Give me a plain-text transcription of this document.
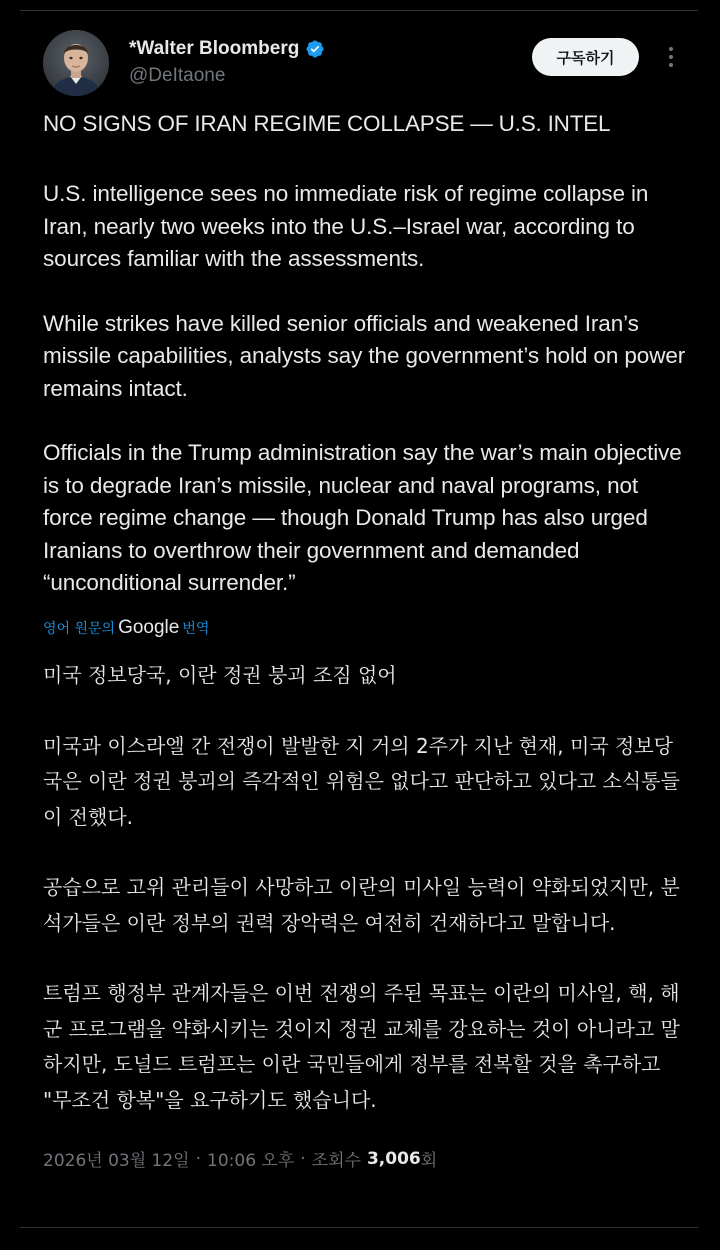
*Walter Bloomberg
@DeItaone
구독하기

NO SIGNS OF IRAN REGIME COLLAPSE — U.S. INTEL

U.S. intelligence sees no immediate risk of regime collapse in Iran, nearly two weeks into the U.S.–Israel war, according to sources familiar with the assessments.

While strikes have killed senior officials and weakened Iran’s missile capabilities, analysts say the government’s hold on power remains intact.

Officials in the Trump administration say the war’s main objective is to degrade Iran’s missile, nuclear and naval programs, not force regime change — though Donald Trump has also urged Iranians to overthrow their government and demanded “unconditional surrender.”

영어 원문의 Google 번역

미국 정보당국, 이란 정권 붕괴 조짐 없어

미국과 이스라엘 간 전쟁이 발발한 지 거의 2주가 지난 현재, 미국 정보당국은 이란 정권 붕괴의 즉각적인 위험은 없다고 판단하고 있다고 소식통들이 전했다.

공습으로 고위 관리들이 사망하고 이란의 미사일 능력이 약화되었지만, 분석가들은 이란 정부의 권력 장악력은 여전히 건재하다고 말합니다.

트럼프 행정부 관계자들은 이번 전쟁의 주된 목표는 이란의 미사일, 핵, 해군 프로그램을 약화시키는 것이지 정권 교체를 강요하는 것이 아니라고 말하지만, 도널드 트럼프는 이란 국민들에게 정부를 전복할 것을 촉구하고 "무조건 항복"을 요구하기도 했습니다.

2026년 03월 12일 · 10:06 오후 · 조회수 3,006 회
